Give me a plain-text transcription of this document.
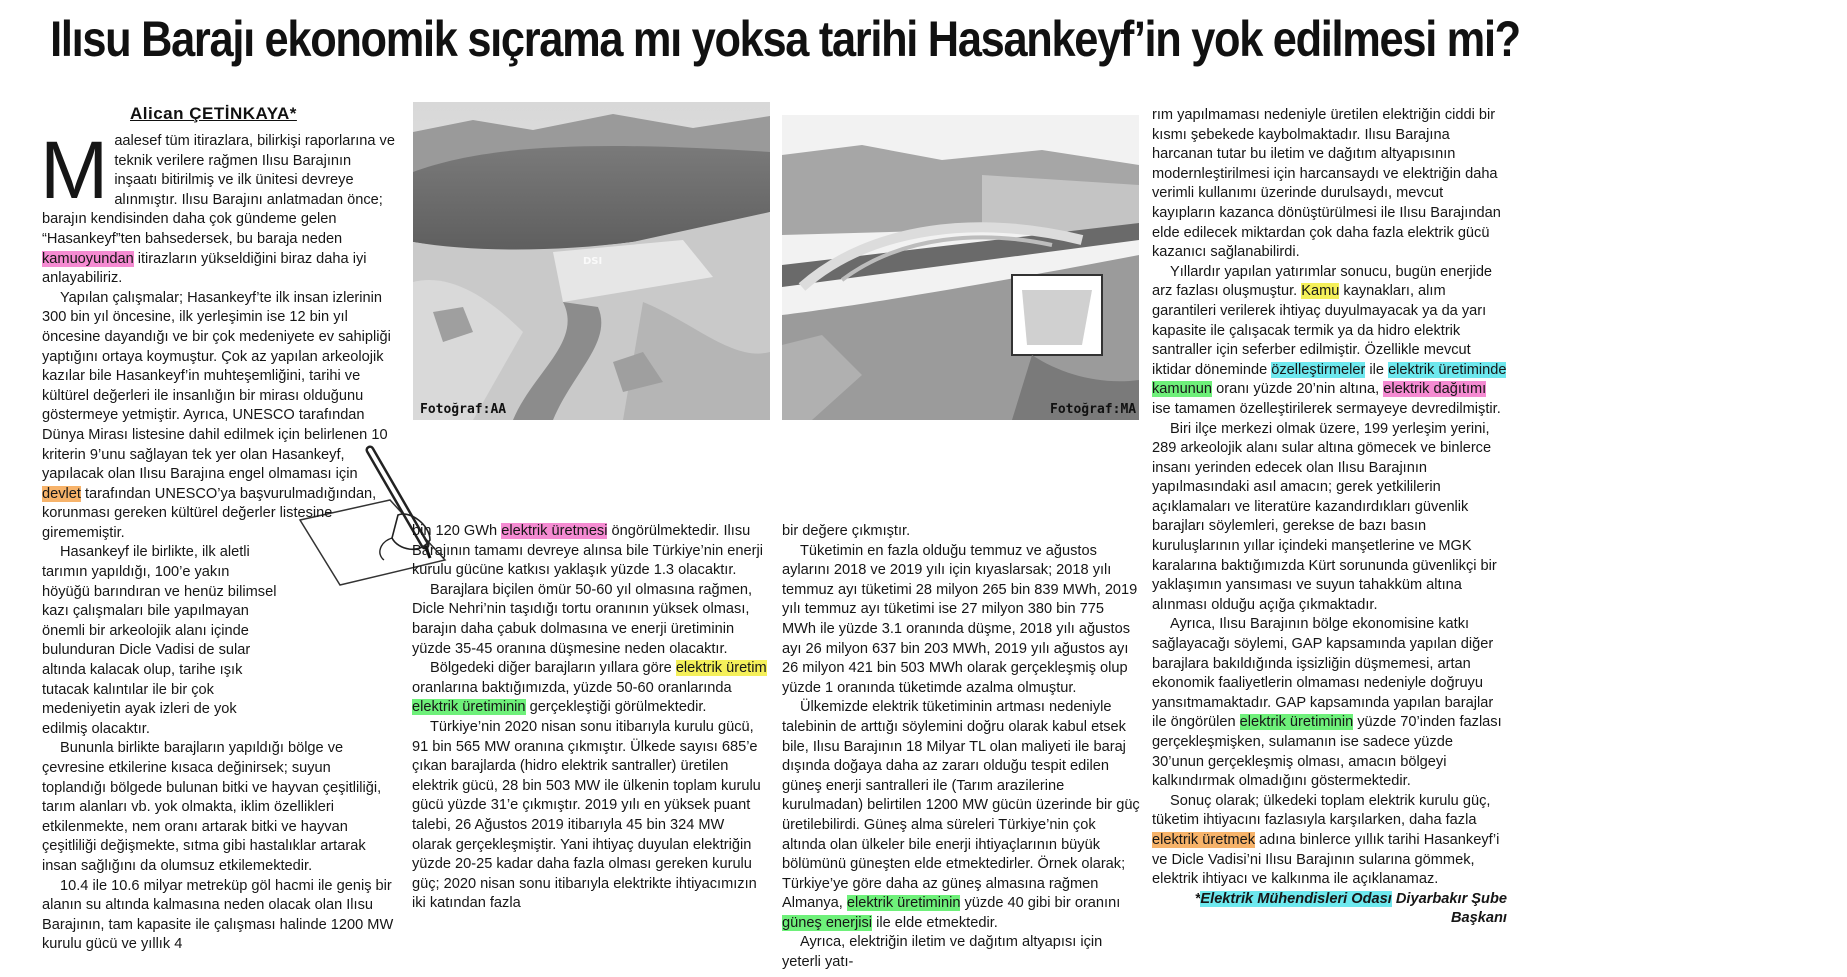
Ilısu Barajı ekonomik sıçrama mı yoksa tarihi Hasankeyf’in yok edilmesi mi?
Alican ÇETİNKAYA*
DSI
Fotoğraf:AA	Fotoğraf:MA

Maalesef tüm itirazlara, bilirkişi raporlarına ve teknik verilere rağmen Ilısu Barajının inşaatı bitirilmiş ve ilk ünitesi devreye alınmıştır. Ilısu Barajını anlatmadan önce; barajın kendisinden daha çok gündeme gelen “Hasankeyf”ten bahsedersek, bu baraja neden kamuoyundan itirazların yükseldiğini biraz daha iyi anlayabiliriz.

Yapılan çalışmalar; Hasankeyf’te ilk insan izlerinin 300 bin yıl öncesine, ilk yerleşimin ise 12 bin yıl öncesine dayandığı ve bir çok medeniyete ev sahipliği yaptığını ortaya koymuştur. Çok az yapılan arkeolojik kazılar bile Hasankeyf’in muhteşemliğini, tarihi ve kültürel değerleri ile insanlığın bir mirası olduğunu göstermeye yetmiştir. Ayrıca, UNESCO tarafından Dünya Mirası listesine dahil edilmek için belirlenen 10 kriterin 9’unu sağlayan tek yer olan Hasankeyf, yapılacak olan Ilısu Barajına engel olmaması için devlet tarafından UNESCO’ya başvurulmadığından, korunması gereken kültürel değerler listesine girememiştir.

Hasankeyf ile birlikte, ilk aletli tarımın yapıldığı, 100’e yakın höyüğü barındıran ve henüz bilimsel kazı çalışmaları bile yapılmayan önemli bir arkeolojik alanı içinde bulunduran Dicle Vadisi de sular altında kalacak olup, tarihe ışık tutacak kalıntılar ile bir çok medeniyetin ayak izleri de yok edilmiş olacaktır.

Bununla birlikte barajların yapıldığı bölge ve çevresine etkilerine kısaca değinirsek; suyun toplandığı bölgede bulunan bitki ve hayvan çeşitliliği, tarım alanları vb. yok olmakta, iklim özellikleri etkilenmekte, nem oranı artarak bitki ve hayvan çeşitliliği değişmekte, sıtma gibi hastalıklar artarak insan sağlığını da olumsuz etkilemektedir.

10.4 ile 10.6 milyar metreküp göl hacmi ile geniş bir alanın su altında kalmasına neden olacak olan Ilısu Barajının, tam kapasite ile çalışması halinde 1200 MW kurulu gücü ve yıllık 4

bin 120 GWh elektrik üretmesi öngörülmektedir. Ilısu Barajının tamamı devreye alınsa bile Türkiye’nin enerji kurulu gücüne katkısı yaklaşık yüzde 1.3 olacaktır.

Barajlara biçilen ömür 50-60 yıl olmasına rağmen, Dicle Nehri’nin taşıdığı tortu oranının yüksek olması, barajın daha çabuk dolmasına ve enerji üretiminin yüzde 35-45 oranına düşmesine neden olacaktır.

Bölgedeki diğer barajların yıllara göre elektrik üretim oranlarına baktığımızda, yüzde 50-60 oranlarında elektrik üretiminin gerçekleştiği görülmektedir.

Türkiye’nin 2020 nisan sonu itibarıyla kurulu gücü, 91 bin 565 MW oranına çıkmıştır. Ülkede sayısı 685’e çıkan barajlarda (hidro elektrik santraller) üretilen elektrik gücü, 28 bin 503 MW ile ülkenin toplam kurulu gücü yüzde 31’e çıkmıştır. 2019 yılı en yüksek puant talebi, 26 Ağustos 2019 itibarıyla 45 bin 324 MW olarak gerçekleşmiştir. Yani ihtiyaç duyulan elektriğin yüzde 20-25 kadar daha fazla olması gereken kurulu güç; 2020 nisan sonu itibarıyla elektrikte ihtiyacımızın iki katından fazla

bir değere çıkmıştır.

Tüketimin en fazla olduğu temmuz ve ağustos aylarını 2018 ve 2019 yılı için kıyaslarsak; 2018 yılı temmuz ayı tüketimi 28 milyon 265 bin 839 MWh, 2019 yılı temmuz ayı tüketimi ise 27 milyon 380 bin 775 MWh ile yüzde 3.1 oranında düşme, 2018 yılı ağustos ayı 26 milyon 637 bin 203 MWh, 2019 yılı ağustos ayı 26 milyon 421 bin 503 MWh olarak gerçekleşmiş olup yüzde 1 oranında tüketimde azalma olmuştur.

Ülkemizde elektrik tüketiminin artması nedeniyle talebinin de arttığı söylemini doğru olarak kabul etsek bile, Ilısu Barajının 18 Milyar TL olan maliyeti ile baraj dışında doğaya daha az zararı olduğu tespit edilen güneş enerji santralleri ile (Tarım arazilerine kurulmadan) belirtilen 1200 MW gücün üzerinde bir güç üretilebilirdi. Güneş alma süreleri Türkiye’nin çok altında olan ülkeler bile enerji ihtiyaçlarının büyük bölümünü güneşten elde etmektedirler. Örnek olarak; Türkiye’ye göre daha az güneş almasına rağmen Almanya, elektrik üretiminin yüzde 40 gibi bir oranını güneş enerjisi ile elde etmektedir.

Ayrıca, elektriğin iletim ve dağıtım altyapısı için yeterli yatı-

rım yapılmaması nedeniyle üretilen elektriğin ciddi bir kısmı şebekede kaybolmaktadır. Ilısu Barajına harcanan tutar bu iletim ve dağıtım altyapısının modernleştirilmesi için harcansaydı ve elektriğin daha verimli kullanımı üzerinde durulsaydı, mevcut kayıpların kazanca dönüştürülmesi ile Ilısu Barajından elde edilecek miktardan çok daha fazla elektrik gücü kazanıcı sağlanabilirdi.

Yıllardır yapılan yatırımlar sonucu, bugün enerjide arz fazlası oluşmuştur. Kamu kaynakları, alım garantileri verilerek ihtiyaç duyulmayacak ya da yarı kapasite ile çalışacak termik ya da hidro elektrik santraller için seferber edilmiştir. Özellikle mevcut iktidar döneminde özelleştirmeler ile elektrik üretiminde kamunun oranı yüzde 20’nin altına, elektrik dağıtımı ise tamamen özelleştirilerek sermayeye devredilmiştir.

Biri ilçe merkezi olmak üzere, 199 yerleşim yerini, 289 arkeolojik alanı sular altına gömecek ve binlerce insanı yerinden edecek olan Ilısu Barajının yapılmasındaki asıl amacın; gerek yetkililerin açıklamaları ve literatüre kazandırdıkları güvenlik barajları söylemleri, gerekse de bazı basın kuruluşlarının yıllar içindeki manşetlerine ve MGK karalarına baktığımızda Kürt sorununda güvenlikçi bir yaklaşımın yansıması ve suyun tahakküm altına alınması olduğu açığa çıkmaktadır.

Ayrıca, Ilısu Barajının bölge ekonomisine katkı sağlayacağı söylemi, GAP kapsamında yapılan diğer barajlara bakıldığında işsizliğin düşmemesi, artan ekonomik faaliyetlerin olmaması nedeniyle doğruyu yansıtmamaktadır. GAP kapsamında yapılan barajlar ile öngörülen elektrik üretiminin yüzde 70’inden fazlası gerçekleşmişken, sulamanın ise sadece yüzde 30’unun gerçekleşmiş olması, amacın bölgeyi kalkındırmak olmadığını göstermektedir.

Sonuç olarak; ülkedeki toplam elektrik kurulu güç, tüketim ihtiyacını fazlasıyla karşılarken, daha fazla elektrik üretmek adına binlerce yıllık tarihi Hasankeyf’i ve Dicle Vadisi’ni Ilısu Barajının sularına gömmek, elektrik ihtiyacı ve kalkınma ile açıklanamaz.

*Elektrik Mühendisleri Odası Diyarbakır Şube Başkanı
